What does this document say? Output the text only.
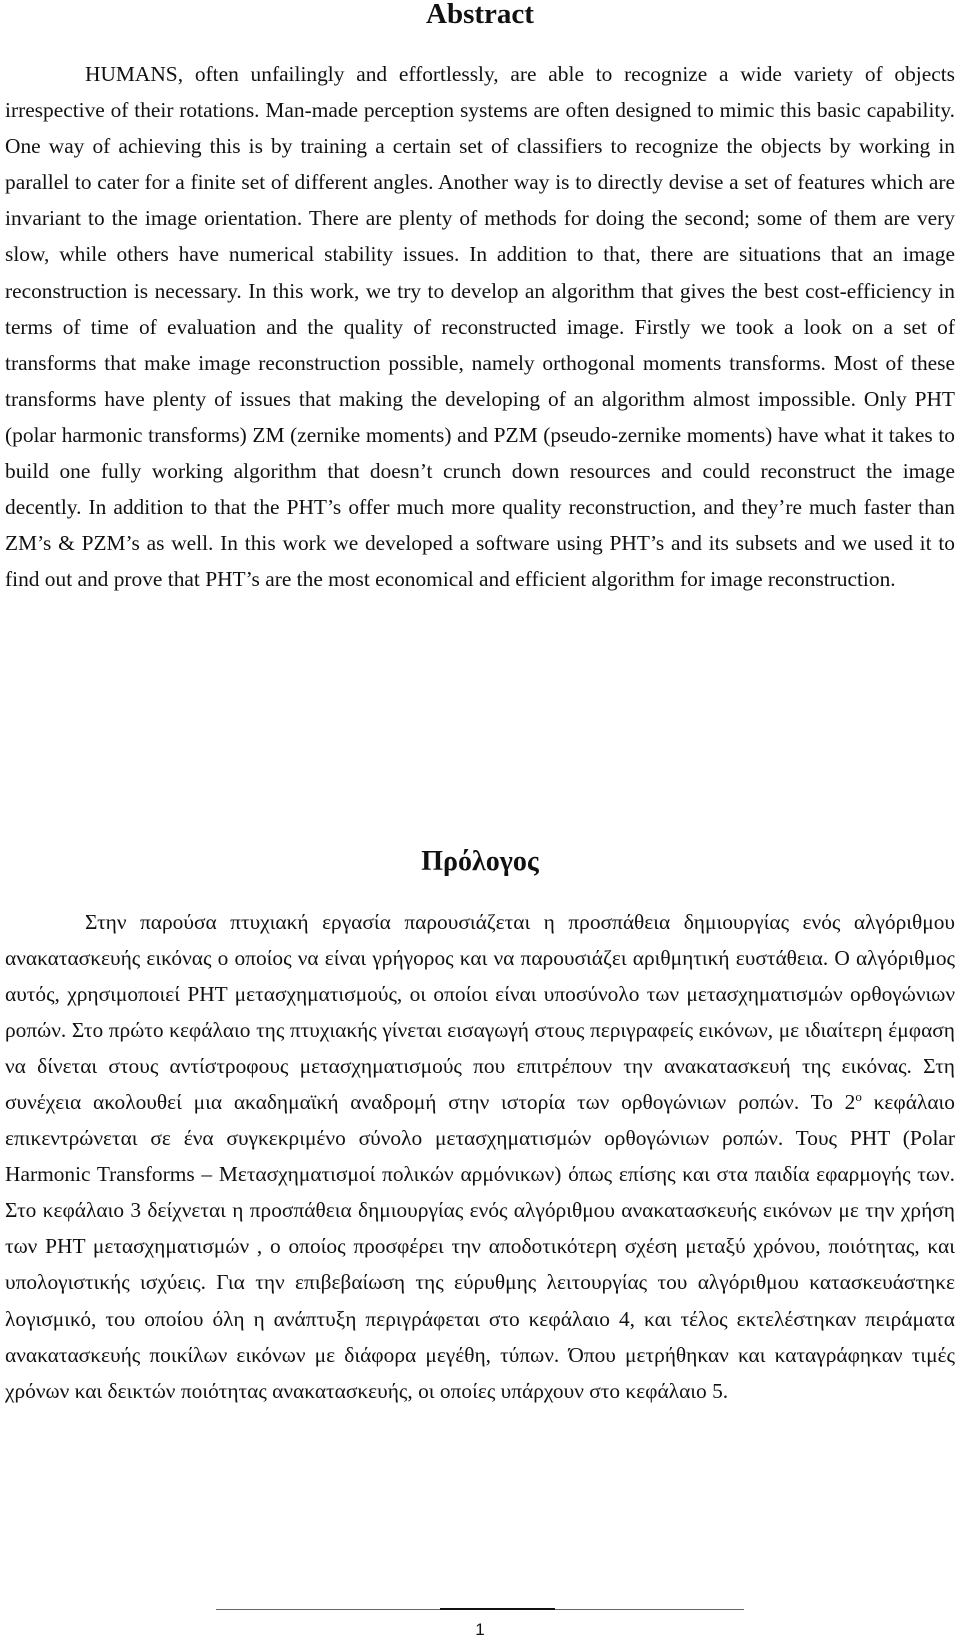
Abstract

HUMANS, often unfailingly and effortlessly, are able to recognize a wide variety of objects irrespective of their rotations. Man-made perception systems are often designed to mimic this basic capability. One way of achieving this is by training a certain set of classifiers to recognize the objects by working in parallel to cater for a finite set of different angles. Another way is to directly devise a set of features which are invariant to the image orientation. There are plenty of methods for doing the second; some of them are very slow, while others have numerical stability issues. In addition to that, there are situations that an image reconstruction is necessary. In this work, we try to develop an algorithm that gives the best cost-efficiency in terms of time of evaluation and the quality of reconstructed image. Firstly we took a look on a set of transforms that make image reconstruction possible, namely orthogonal moments transforms. Most of these transforms have plenty of issues that making the developing of an algorithm almost impossible. Only PHT (polar harmonic transforms) ZM (zernike moments) and PZM (pseudo-zernike moments) have what it takes to build one fully working algorithm that doesn’t crunch down resources and could reconstruct the image decently. In addition to that the PHT’s offer much more quality reconstruction, and they’re much faster than ZM’s & PZM’s as well. In this work we developed a software using PHT’s and its subsets and we used it to find out and prove that PHT’s are the most economical and efficient algorithm for image reconstruction.

Πρόλογος

Στην παρούσα πτυχιακή εργασία παρουσιάζεται η προσπάθεια δημιουργίας ενός αλγόριθμου ανακατασκευής εικόνας ο οποίος να είναι γρήγορος και να παρουσιάζει αριθμητική ευστάθεια. Ο αλγόριθμος αυτός, χρησιμοποιεί PHT μετασχηματισμούς, οι οποίοι είναι υποσύνολο των μετασχηματισμών ορθογώνιων ροπών. Στο πρώτο κεφάλαιο της πτυχιακής γίνεται εισαγωγή στους περιγραφείς εικόνων, με ιδιαίτερη έμφαση να δίνεται στους αντίστροφους μετασχηματισμούς που επιτρέπουν την ανακατασκευή της εικόνας. Στη συνέχεια ακολουθεί μια ακαδημαϊκή αναδρομή στην ιστορία των ορθογώνιων ροπών. Το $2^o$ κεφάλαιο επικεντρώνεται σε ένα συγκεκριμένο σύνολο μετασχηματισμών ορθογώνιων ροπών. Τους PHT (Polar Harmonic Transforms – Μετασχηματισμοί πολικών αρμόνικων) όπως επίσης και στα παιδία εφαρμογής των. Στο κεφάλαιο 3 δείχνεται η προσπάθεια δημιουργίας ενός αλγόριθμου ανακατασκευής εικόνων με την χρήση των PHT μετασχηματισμών , ο οποίος προσφέρει την αποδοτικότερη σχέση μεταξύ χρόνου, ποιότητας, και υπολογιστικής ισχύεις. Για την επιβεβαίωση της εύρυθμης λειτουργίας του αλγόριθμου κατασκευάστηκε λογισμικό, του οποίου όλη η ανάπτυξη περιγράφεται στο κεφάλαιο 4, και τέλος εκτελέστηκαν πειράματα ανακατασκευής ποικίλων εικόνων με διάφορα μεγέθη, τύπων. Όπου μετρήθηκαν και καταγράφηκαν τιμές χρόνων και δεικτών ποιότητας ανακατασκευής, οι οποίες υπάρχουν στο κεφάλαιο 5.

1
